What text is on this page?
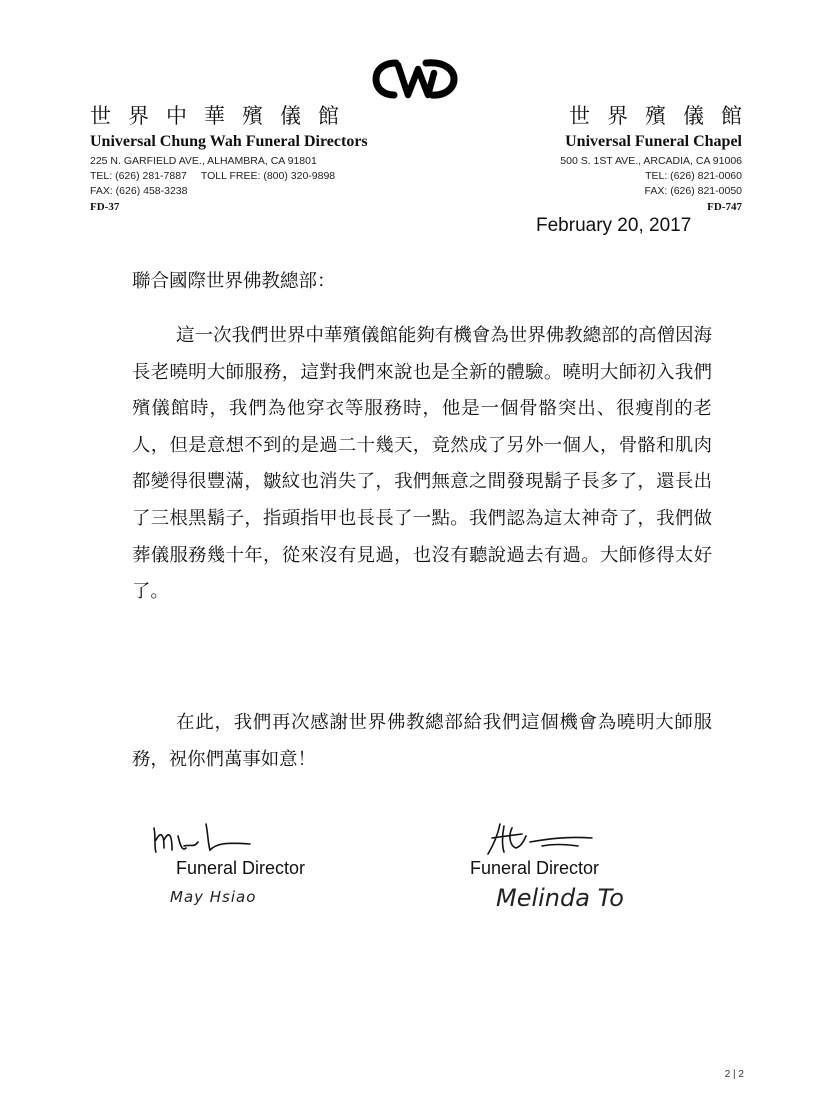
世界中華殯儀館
Universal Chung Wah Funeral Directors
225 N. GARFIELD AVE., ALHAMBRA, CA 91801
TEL: (626) 281-7887 TOLL FREE: (800) 320-9898
FAX: (626) 458-3238
FD-37
世界殯儀館
Universal Funeral Chapel
500 S. 1ST AVE., ARCADIA, CA 91006
TEL: (626) 821-0060
FAX: (626) 821-0050
FD-747
February 20, 2017
聯合國際世界佛教總部：

這一次我們世界中華殯儀館能夠有機會為世界佛教總部的高僧因海長老曉明大師服務，這對我們來說也是全新的體驗。曉明大師初入我們殯儀館時，我們為他穿衣等服務時，他是一個骨骼突出、很瘦削的老人，但是意想不到的是過二十幾天，竟然成了另外一個人，骨骼和肌肉都變得很豐滿，皺紋也消失了，我們無意之間發現鬍子長多了，還長出了三根黑鬍子，指頭指甲也長長了一點。我們認為這太神奇了，我們做葬儀服務幾十年，從來沒有見過，也沒有聽說過去有過。大師修得太好了。

在此，我們再次感謝世界佛教總部給我們這個機會為曉明大師服務，祝你們萬事如意！

Funeral Director
May Hsiao
Funeral Director
Melinda To
2 | 2
